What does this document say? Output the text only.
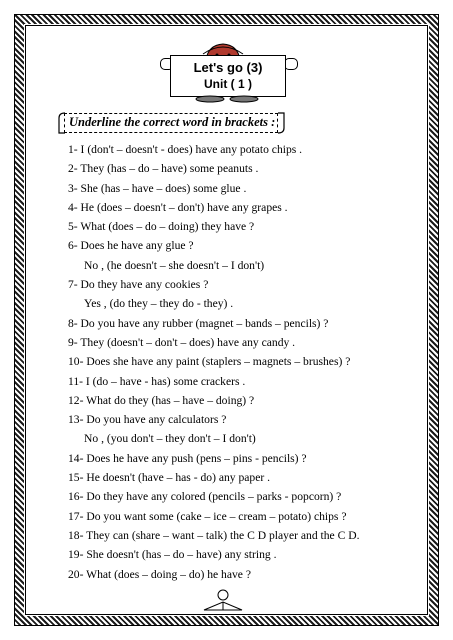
Let's go (3)
Unit ( 1 )
Underline the correct word in brackets :
1- I (don't – doesn't - does) have any potato chips .
2- They (has – do – have) some peanuts .
3- She (has – have – does) some glue .
4- He (does – doesn't – don't) have any grapes .
5- What (does – do – doing) they have ?
6- Does he have any glue ?
No , (he doesn't – she doesn't – I don't)
7- Do they have any cookies ?
Yes , (do they – they do - they) .
8- Do you have any rubber (magnet – bands – pencils) ?
9- They (doesn't – don't – does) have any candy .
10- Does she have any paint (staplers – magnets – brushes) ?
11- I (do – have - has) some crackers .
12- What do they (has – have – doing) ?
13- Do you have any calculators ?
No , (you don't – they don't – I don't)
14- Does he have any push (pens – pins - pencils) ?
15- He doesn't (have – has - do) any paper .
16- Do they have any colored (pencils – parks - popcorn) ?
17- Do you want some (cake – ice – cream – potato) chips ?
18- They can (share – want – talk) the C D player and the C D.
19- She doesn't (has – do – have) any string .
20- What (does – doing – do) he have ?
